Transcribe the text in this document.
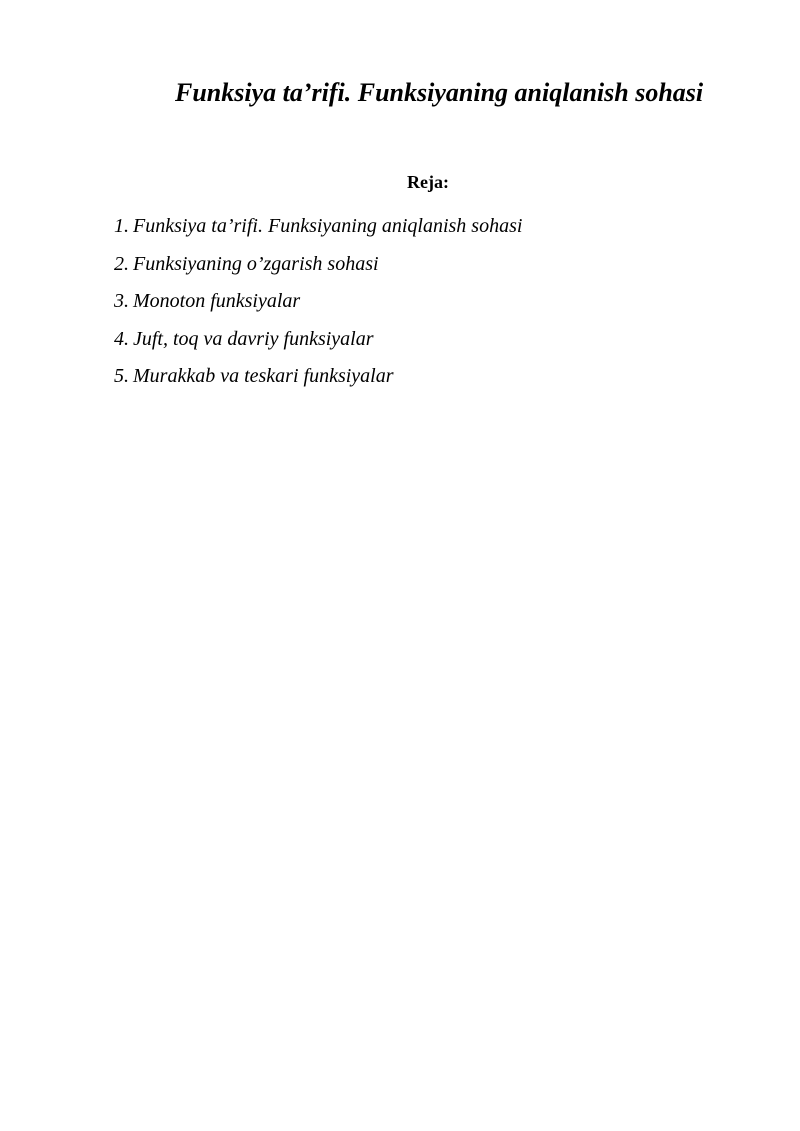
Funksiya ta’rifi. Funksiyaning aniqlanish sohasi
Reja:
1. Funksiya ta’rifi. Funksiyaning aniqlanish sohasi
2. Funksiyaning o’zgarish sohasi
3. Monoton funksiyalar
4. Juft, toq va davriy funksiyalar
5. Murakkab va teskari funksiyalar
